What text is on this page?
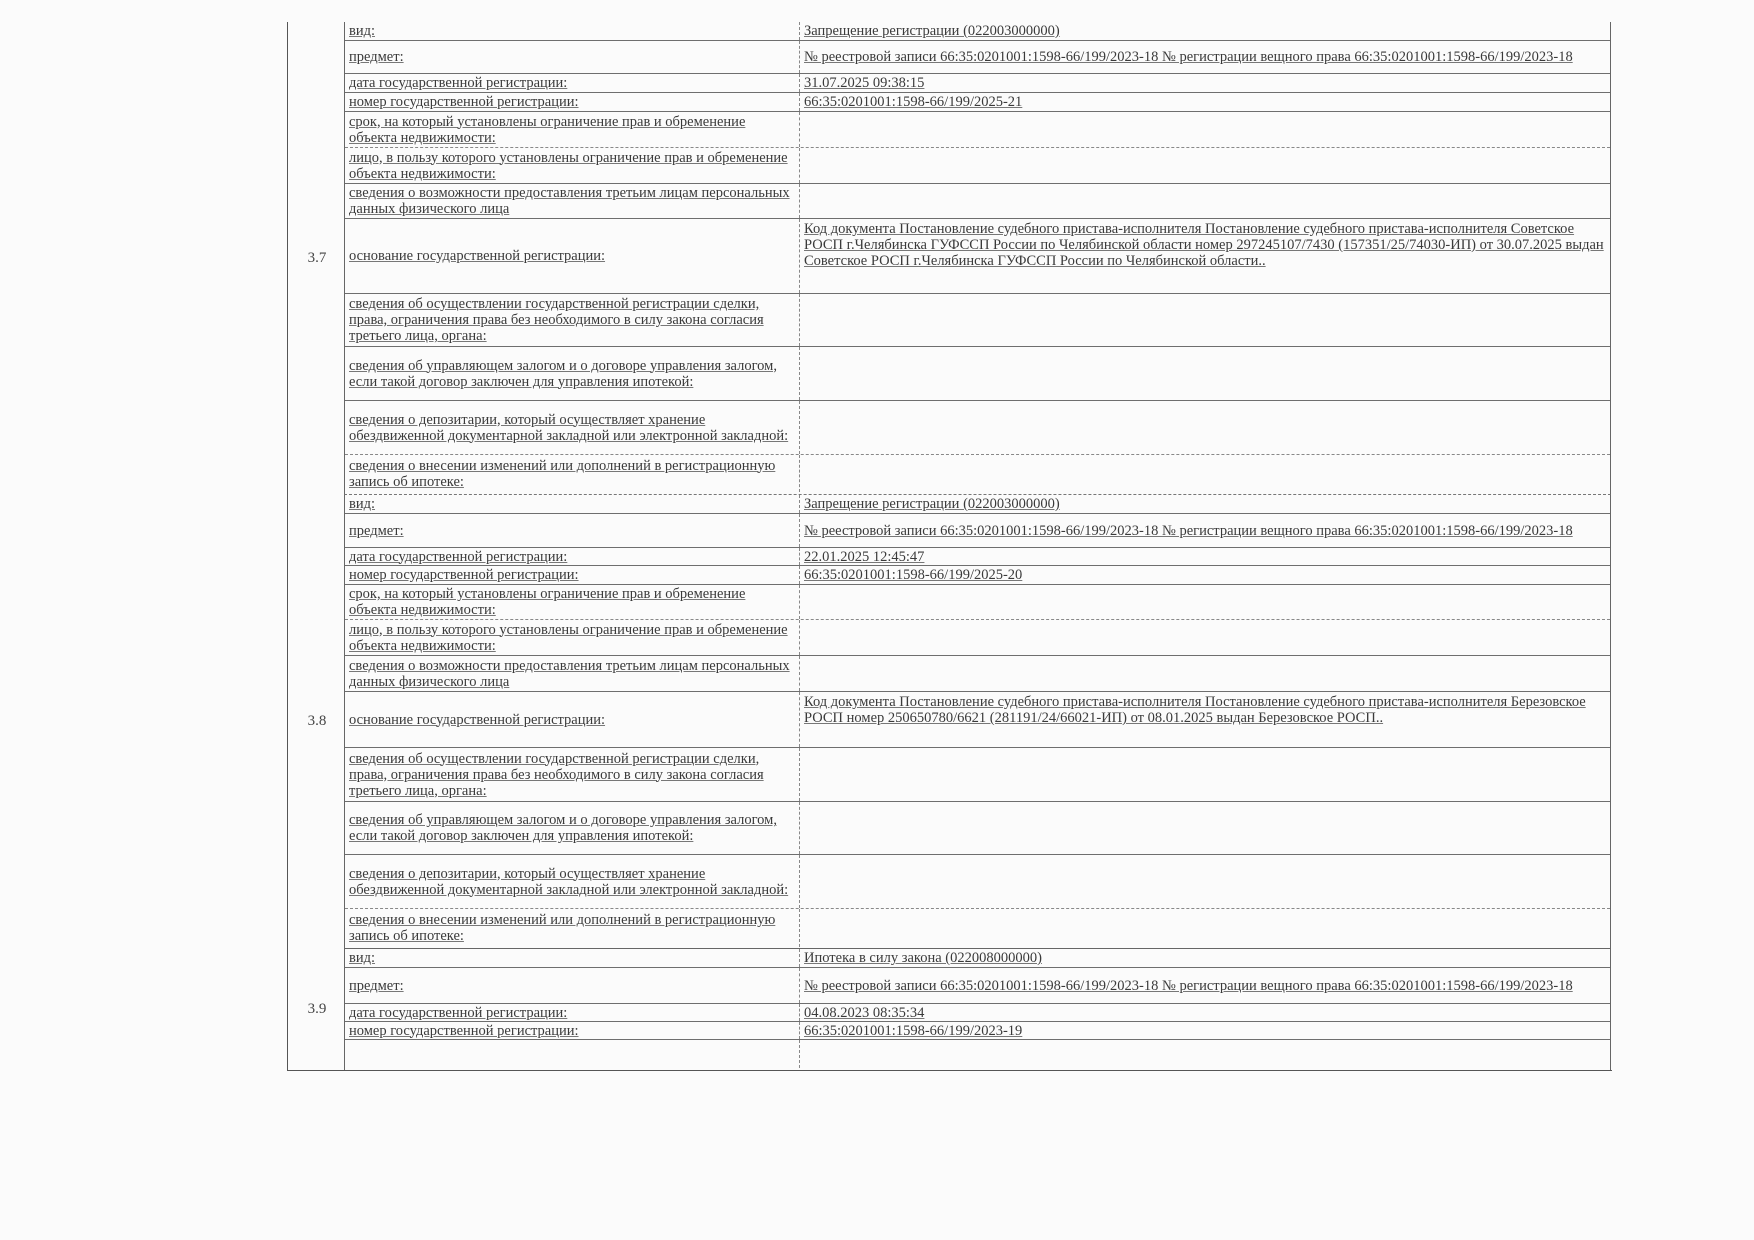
3.7
вид:	Запрещение регистрации (022003000000)
предмет:	№ реестровой записи 66:35:0201001:1598-66/199/2023-18 № регистрации вещного права 66:35:0201001:1598-66/199/2023-18
дата государственной регистрации:	31.07.2025 09:38:15
номер государственной регистрации:	66:35:0201001:1598-66/199/2025-21
срок, на который установлены ограничение прав и обременение объекта недвижимости:
лицо, в пользу которого установлены ограничение прав и обременение объекта недвижимости:
сведения о возможности предоставления третьим лицам персональных данных физического лица
основание государственной регистрации:
Код документа Постановление судебного пристава-исполнителя Постановление судебного пристава-исполнителя Советское РОСП г.Челябинска ГУФССП России по Челябинской области номер 297245107/7430 (157351/25/74030-ИП) от 30.07.2025 выдан Советское РОСП г.Челябинска ГУФССП России по Челябинской области..
сведения об осуществлении государственной регистрации сделки, права, ограничения права без необходимого в силу закона согласия третьего лица, органа:
сведения об управляющем залогом и о договоре управления залогом, если такой договор заключен для управления ипотекой:
сведения о депозитарии, который осуществляет хранение обездвиженной документарной закладной или электронной закладной:
сведения о внесении изменений или дополнений в регистрационную запись об ипотеке:
3.8
вид:	Запрещение регистрации (022003000000)
предмет:	№ реестровой записи 66:35:0201001:1598-66/199/2023-18 № регистрации вещного права 66:35:0201001:1598-66/199/2023-18
дата государственной регистрации:	22.01.2025 12:45:47
номер государственной регистрации:	66:35:0201001:1598-66/199/2025-20
срок, на который установлены ограничение прав и обременение объекта недвижимости:
лицо, в пользу которого установлены ограничение прав и обременение объекта недвижимости:
сведения о возможности предоставления третьим лицам персональных данных физического лица
основание государственной регистрации:
Код документа Постановление судебного пристава-исполнителя Постановление судебного пристава-исполнителя Березовское РОСП номер 250650780/6621 (281191/24/66021-ИП) от 08.01.2025 выдан Березовское РОСП..
сведения об осуществлении государственной регистрации сделки, права, ограничения права без необходимого в силу закона согласия третьего лица, органа:
сведения об управляющем залогом и о договоре управления залогом, если такой договор заключен для управления ипотекой:
сведения о депозитарии, который осуществляет хранение обездвиженной документарной закладной или электронной закладной:
сведения о внесении изменений или дополнений в регистрационную запись об ипотеке:
3.9
вид:	Ипотека в силу закона (022008000000)
предмет:	№ реестровой записи 66:35:0201001:1598-66/199/2023-18 № регистрации вещного права 66:35:0201001:1598-66/199/2023-18
дата государственной регистрации:	04.08.2023 08:35:34
номер государственной регистрации:	66:35:0201001:1598-66/199/2023-19
